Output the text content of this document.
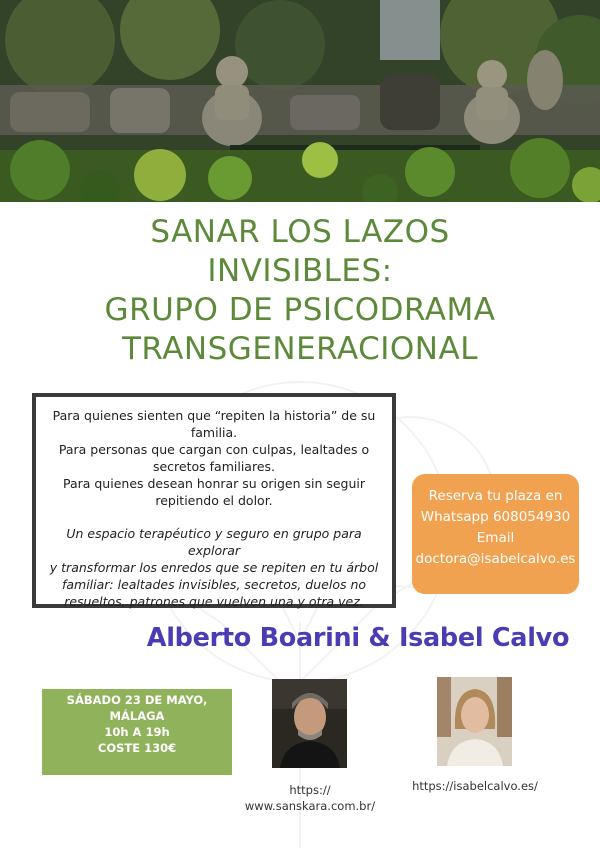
SANAR LOS LAZOS
INVISIBLES:
GRUPO DE PSICODRAMA
TRANSGENERACIONAL

Para quienes sienten que “repiten la historia” de su

familia.

Para personas que cargan con culpas, lealtades o

secretos familiares.

Para quienes desean honrar su origen sin seguir

repitiendo el dolor.

Un espacio terapéutico y seguro en grupo para explorar
y transformar los enredos que se repiten en tu árbol
familiar: lealtades invisibles, secretos, duelos no
resueltos, patrones que vuelven una y otra vez.
Reserva tu plaza en
Whatsapp 608054930
Email
doctora@isabelcalvo.es
Alberto Boarini & Isabel Calvo
SÁBADO 23 DE MAYO,
MÁLAGA
10h A 19h
COSTE 130€
https://
www.sanskara.com.br/
https://isabelcalvo.es/
